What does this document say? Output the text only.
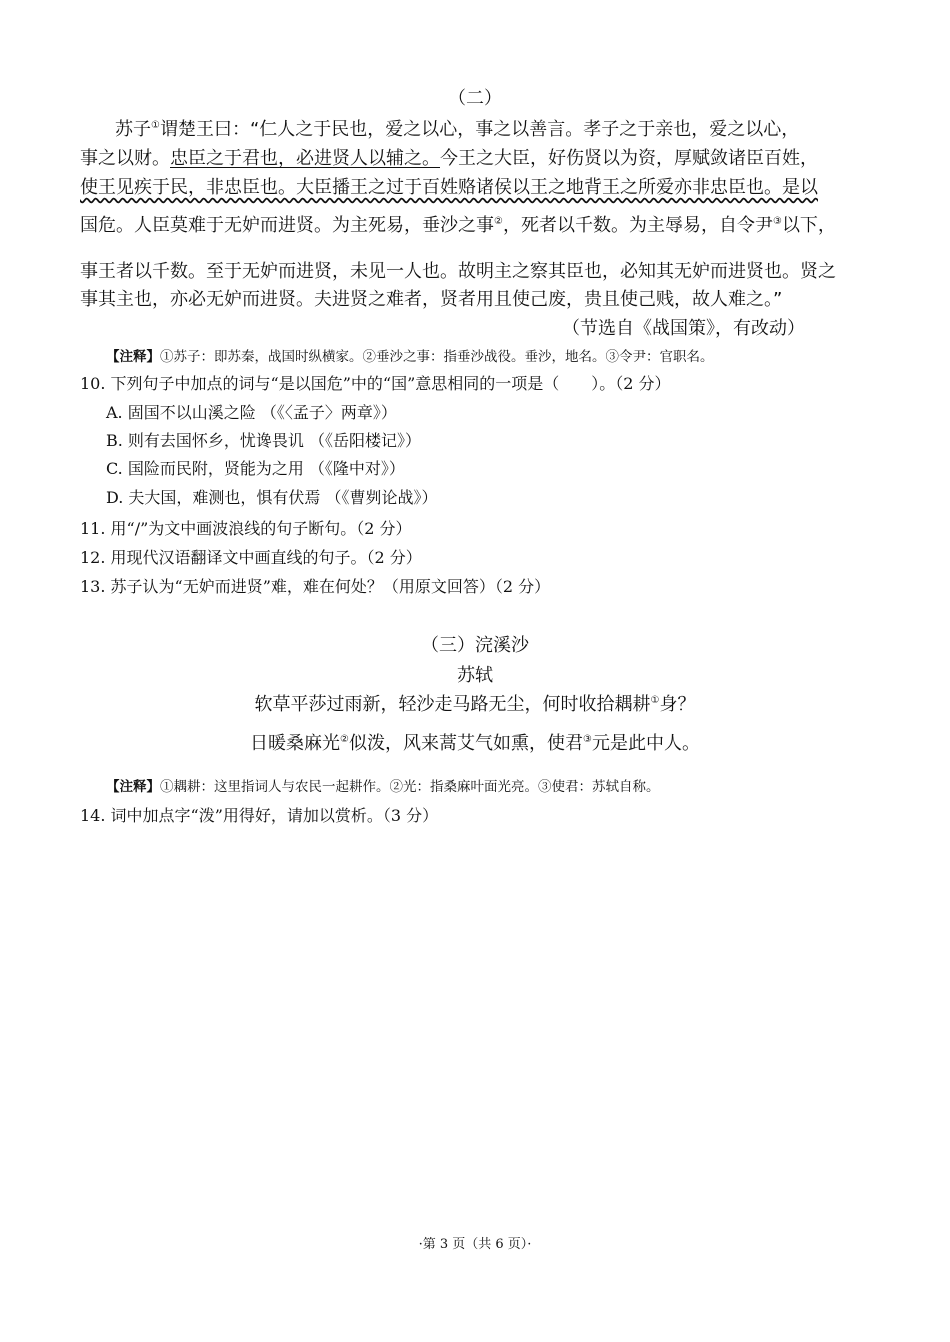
（二）
苏子①谓楚王曰：“仁人之于民也，爱之以心，事之以善言。孝子之于亲也，爱之以心，
事之以财。忠臣之于君也，必进贤人以辅之。今王之大臣，好伤贤以为资，厚赋敛诸臣百姓，
使王见疾于民，非忠臣也。大臣播王之过于百姓赂诸侯以王之地背王之所爱亦非忠臣也。是以
国危。人臣莫难于无妒而进贤。为主死易，垂沙之事②，死者以千数。为主辱易，自令尹③以下，
事王者以千数。至于无妒而进贤，未见一人也。故明主之察其臣也，必知其无妒而进贤也。贤之
事其主也，亦必无妒而进贤。夫进贤之难者，贤者用且使己废，贵且使己贱，故人难之。”
（节选自《战国策》，有改动）
【注释】①苏子：即苏秦，战国时纵横家。②垂沙之事：指垂沙战役。垂沙，地名。③令尹：官职名。
10. 下列句子中加点的词与“是以国危”中的“国”意思相同的一项是（　　）。（2 分）
A. 固国不以山溪之险 （《〈孟子〉两章》）
B. 则有去国怀乡，忧谗畏讥 （《岳阳楼记》）
C. 国险而民附，贤能为之用 （《隆中对》）
D. 夫大国，难测也，惧有伏焉 （《曹刿论战》）
11. 用“/”为文中画波浪线的句子断句。（2 分）
12. 用现代汉语翻译文中画直线的句子。（2 分）
13. 苏子认为“无妒而进贤”难，难在何处？（用原文回答）（2 分）
（三）浣溪沙
苏轼
软草平莎过雨新，轻沙走马路无尘，何时收拾耦耕①身？
日暖桑麻光②似泼，风来蒿艾气如熏，使君③元是此中人。
【注释】①耦耕：这里指词人与农民一起耕作。②光：指桑麻叶面光亮。③使君：苏轼自称。
14. 词中加点字“泼”用得好，请加以赏析。（3 分）
·第 3 页（共 6 页）·
